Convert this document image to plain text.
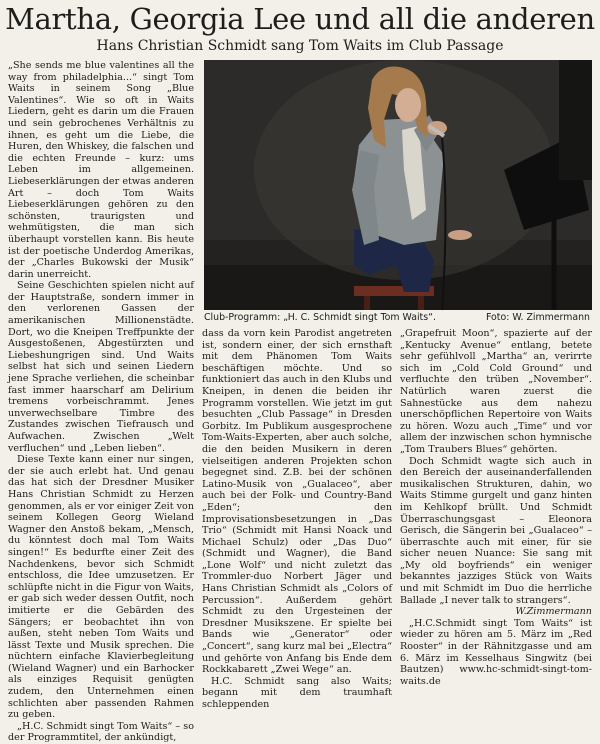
Martha, Georgia Lee und all die anderen
Hans Christian Schmidt sang Tom Waits im Club Passage

„She sends me blue valentines all the way from philadelphia...“ singt Tom Waits in seinem Song „Blue Valentines“. Wie so oft in Waits Liedern, geht es darin um die Frauen und sein gebrochenes Verhältnis zu ihnen, es geht um die Liebe, die Huren, den Whiskey, die falschen und die echten Freunde – kurz: ums Leben im allgemeinen. Liebeserklärungen der etwas anderen Art – doch Tom Waits Liebeserklärungen gehören zu den schönsten, traurigsten und wehmütigsten, die man sich überhaupt vorstellen kann. Bis heute ist der poetische Underdog Amerikas, der „Charles Bukowski der Musik“ darin unerreicht.

Seine Geschichten spielen nicht auf der Hauptstraße, sondern immer in den verlorenen Gassen der amerikanischen Millionenstädte. Dort, wo die Kneipen Treffpunkte der Ausgestoßenen, Abgestürzten und Liebeshungrigen sind. Und Waits selbst hat sich und seinen Liedern jene Sprache verliehen, die scheinbar fast immer haarscharf am Delirium tremens vorbeischrammt. Jenes unverwechselbare Timbre des Zustandes zwischen Tiefrausch und Aufwachen. Zwischen „Welt verfluchen“ und „Leben lieben“.

Diese Texte kann einer nur singen, der sie auch erlebt hat. Und genau das hat sich der Dresdner Musiker Hans Christian Schmidt zu Herzen genommen, als er vor einiger Zeit von seinem Kollegen Georg Wieland Wagner den Anstoß bekam, „Mensch, du könntest doch mal Tom Waits singen!“ Es bedurfte einer Zeit des Nachdenkens, bevor sich Schmidt entschloss, die Idee umzusetzen. Er schlüpfte nicht in die Figur von Waits, er gab sich weder dessen Outfit, noch imitierte er die Gebärden des Sängers; er beobachtet ihn von außen, steht neben Tom Waits und lässt Texte und Musik sprechen. Die nüchtern einfache Klavierbegleitung (Wieland Wagner) und ein Barhocker als einziges Requisit genügten zudem, den Unternehmen einen schlichten aber passenden Rahmen zu geben.

„H.C. Schmidt singt Tom Waits“ – so der Programmtitel, der ankündigt,

Club-Programm: „H. C. Schmidt singt Tom Waits“.	Foto: W. Zimmermann

dass da vorn kein Parodist angetreten ist, sondern einer, der sich ernsthaft mit dem Phänomen Tom Waits beschäftigen möchte. Und so funktioniert das auch in den Klubs und Kneipen, in denen die beiden ihr Programm vorstellen. Wie jetzt im gut besuchten „Club Passage“ in Dresden Gorbitz. Im Publikum ausgesprochene Tom-Waits-Experten, aber auch solche, die den beiden Musikern in deren vielseitigen anderen Projekten schon begegnet sind. Z.B. bei der schönen Latino-Musik von „Gualaceo“, aber auch bei der Folk- und Country-Band „Eden“; den Improvisationsbesetzungen in „Das Trio“ (Schmidt mit Hansi Noack und Michael Schulz) oder „Das Duo“ (Schmidt und Wagner), die Band „Lone Wolf“ und nicht zuletzt das Trommler-duo Norbert Jäger und Hans Christian Schmidt als „Colors of Percussion“. Außerdem gehört Schmidt zu den Urgesteinen der Dresdner Musikszene. Er spielte bei Bands wie „Generator“ oder „Concert“, sang kurz mal bei „Electra“ und gehörte von Anfang bis Ende dem Rockkabarett „Zwei Wege“ an.

H.C. Schmidt sang also Waits; begann mit dem traumhaft schleppenden

„Grapefruit Moon“, spazierte auf der „Kentucky Avenue“ entlang, betete sehr gefühlvoll „Martha“ an, verirrte sich im „Cold Cold Ground“ und verfluchte den trüben „November“. Natürlich waren zuerst die Sahnestücke aus dem nahezu unerschöpflichen Repertoire von Waits zu hören. Wozu auch „Time“ und vor allem der inzwischen schon hymnische „Tom Traubers Blues“ gehörten.

Doch Schmidt wagte sich auch in den Bereich der auseinanderfallenden musikalischen Strukturen, dahin, wo Waits Stimme gurgelt und ganz hinten im Kehlkopf brüllt. Und Schmidt Überraschungsgast – Eleonora Gerisch, die Sängerin bei „Gualaceo“ – überraschte auch mit einer, für sie sicher neuen Nuance: Sie sang mit „My old boyfriends“ ein weniger bekanntes jazziges Stück von Waits und mit Schmidt im Duo die herrliche Ballade „I never talk to strangers“.

W.Zimmermann

„H.C.Schmidt singt Tom Waits“ ist wieder zu hören am 5. März im „Red Rooster“ in der Rähnitzgasse und am 6. März im Kesselhaus Singwitz (bei Bautzen) www.hc-schmidt-singt-tom-waits.de
